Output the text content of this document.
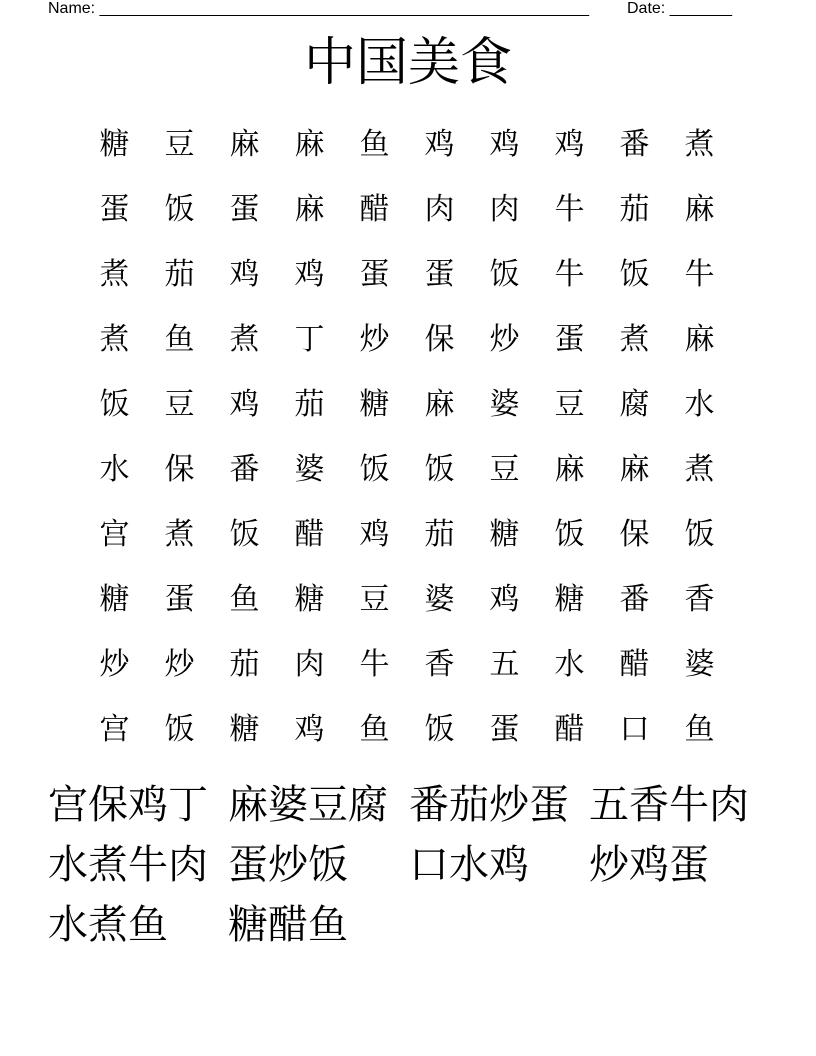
Name: _______________________________________________________ Date: _______
中国美食
糖	豆	麻	麻	鱼	鸡	鸡	鸡	番	煮
蛋	饭	蛋	麻	醋	肉	肉	牛	茄	麻
煮	茄	鸡	鸡	蛋	蛋	饭	牛	饭	牛
煮	鱼	煮	丁	炒	保	炒	蛋	煮	麻
饭	豆	鸡	茄	糖	麻	婆	豆	腐	水
水	保	番	婆	饭	饭	豆	麻	麻	煮
宫	煮	饭	醋	鸡	茄	糖	饭	保	饭
糖	蛋	鱼	糖	豆	婆	鸡	糖	番	香
炒	炒	茄	肉	牛	香	五	水	醋	婆
宫	饭	糖	鸡	鱼	饭	蛋	醋	口	鱼
宫保鸡丁 麻婆豆腐 番茄炒蛋 五香牛肉
水煮牛肉 蛋炒饭	口水鸡	炒鸡蛋
水煮鱼	糖醋鱼
